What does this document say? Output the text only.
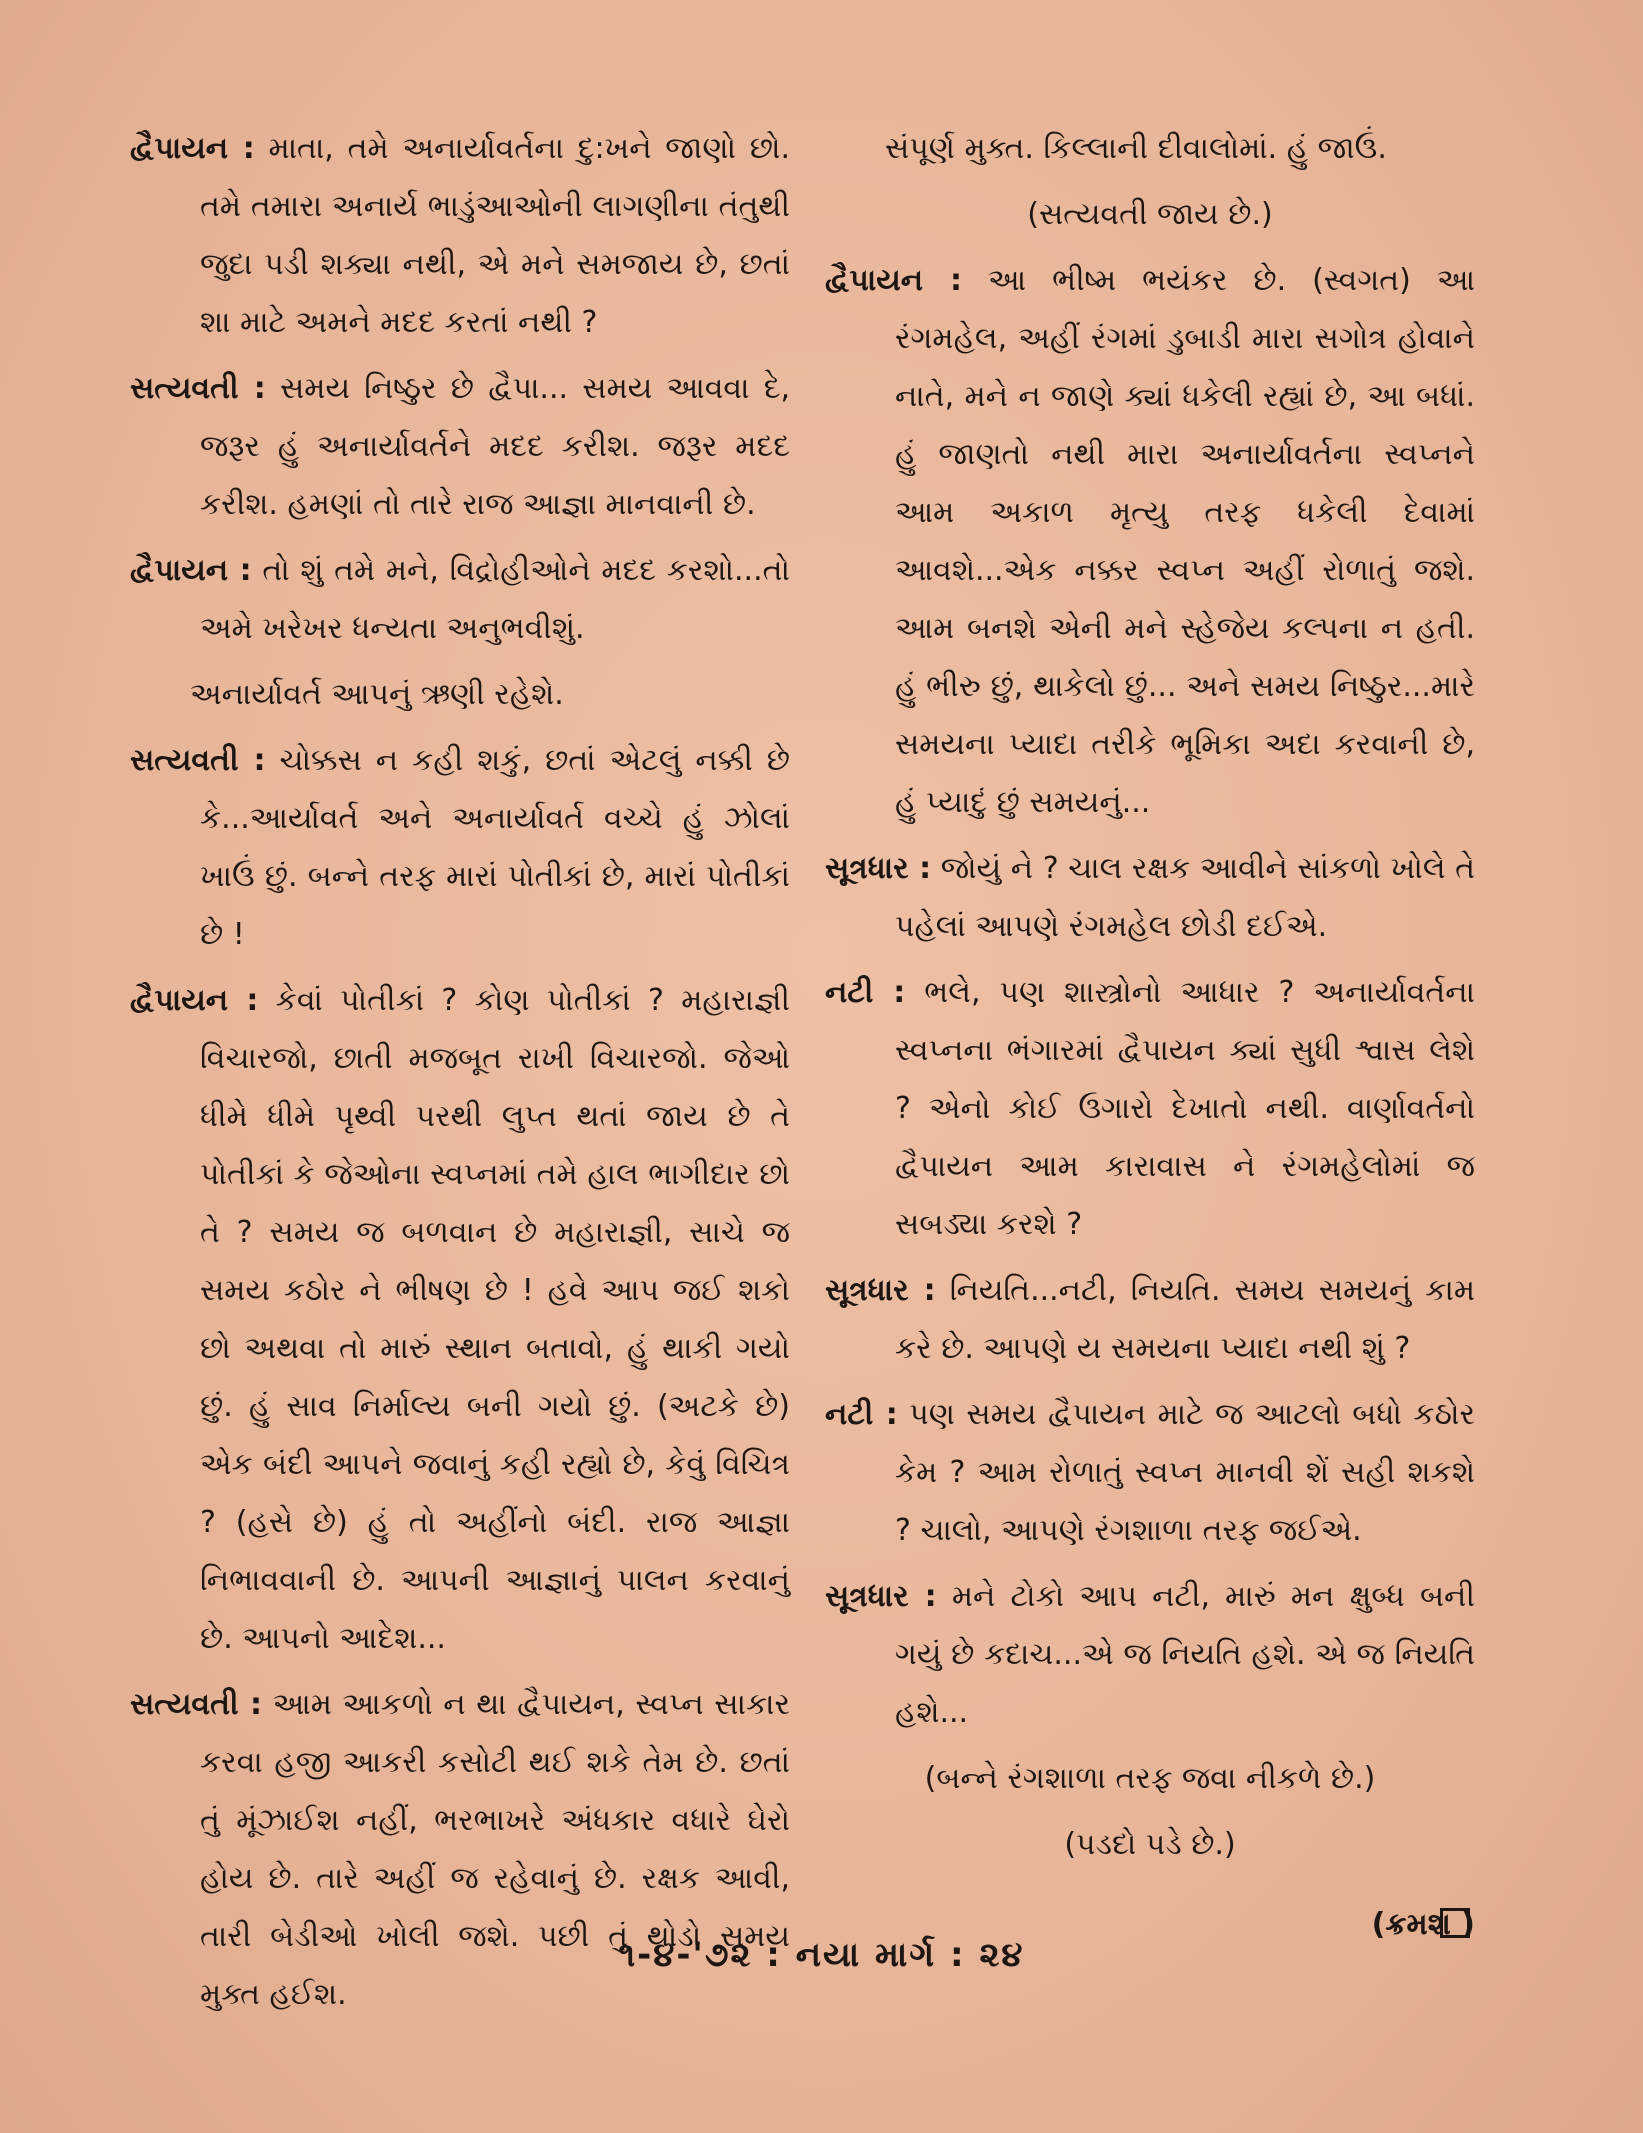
દ્વૈપાયન : માતા, તમે અનાર્યાવર્તના દુ:ખને જાણો છો. તમે તમારા અનાર્ય ભાડુંઆઓની લાગણીના તંતુથી જુદા પડી શક્યા નથી, એ મને સમજાય છે, છતાં શા માટે અમને મદદ કરતાં નથી ?

સત્યવતી : સમય નિષ્ઠુર છે દ્વૈપા... સમય આવવા દે, જરૂર હું અનાર્યાવર્તને મદદ કરીશ. જરૂર મદદ કરીશ. હમણાં તો તારે રાજ આજ્ઞા માનવાની છે.

દ્વૈપાયન : તો શું તમે મને, વિદ્રોહીઓને મદદ કરશો...તો અમે ખરેખર ધન્યતા અનુભવીશું.

અનાર્યાવર્ત આપનું ઋણી રહેશે.

સત્યવતી : ચોક્કસ ન કહી શકું, છતાં એટલું નક્કી છે કે...આર્યાવર્ત અને અનાર્યાવર્ત વચ્ચે હું ઝોલાં ખાઉં છું. બન્ને તરફ મારાં પોતીકાં છે, મારાં પોતીકાં છે !

દ્વૈપાયન : કેવાં પોતીકાં ? કોણ પોતીકાં ? મહારાજ્ઞી વિચારજો, છાતી મજબૂત રાખી વિચારજો. જેઓ ધીમે ધીમે પૃથ્વી પરથી લુપ્ત થતાં જાય છે તે પોતીકાં કે જેઓના સ્વપ્નમાં તમે હાલ ભાગીદાર છો તે ? સમય જ બળવાન છે મહારાજ્ઞી, સાચે જ સમય કઠોર ને ભીષણ છે ! હવે આપ જઈ શકો છો અથવા તો મારું સ્થાન બતાવો, હું થાકી ગયો છું. હું સાવ નિર્માલ્ય બની ગયો છું. (અટકે છે) એક બંદી આપને જવાનું કહી રહ્યો છે, કેવું વિચિત્ર ? (હસે છે) હું તો અહીંનો બંદી. રાજ આજ્ઞા નિભાવવાની છે. આપની આજ્ઞાનું પાલન કરવાનું છે. આપનો આદેશ...

સત્યવતી : આમ આકળો ન થા દ્વૈપાયન, સ્વપ્ન સાકાર કરવા હજી આકરી કસોટી થઈ શકે તેમ છે. છતાં તું મૂંઝાઈશ નહીં, ભરભાખરે અંધકાર વધારે ઘેરો હોય છે. તારે અહીં જ રહેવાનું છે. રક્ષક આવી, તારી બેડીઓ ખોલી જશે. પછી તું થોડો સમય મુક્ત હઈશ.

સંપૂર્ણ મુક્ત. કિલ્લાની દીવાલોમાં. હું જાઉં.

(સત્યવતી જાય છે.)

દ્વૈપાયન : આ ભીષ્મ ભયંકર છે. (સ્વગત) આ રંગમહેલ, અહીં રંગમાં ડુબાડી મારા સગોત્ર હોવાને નાતે, મને ન જાણે ક્યાં ધકેલી રહ્યાં છે, આ બધાં. હું જાણતો નથી મારા અનાર્યાવર્તના સ્વપ્નને આમ અકાળ મૃત્યુ તરફ ધકેલી દેવામાં આવશે...એક નક્કર સ્વપ્ન અહીં રોળાતું જશે. આમ બનશે એની મને સ્હેજેય કલ્પના ન હતી. હું ભીરુ છું, થાકેલો છું... અને સમય નિષ્ઠુર...મારે સમયના પ્યાદા તરીકે ભૂમિકા અદા કરવાની છે, હું પ્યાદું છું સમયનું...

સૂત્રધાર : જોયું ને ? ચાલ રક્ષક આવીને સાંકળો ખોલે તે પહેલાં આપણે રંગમહેલ છોડી દઈએ.

નટી : ભલે, પણ શાસ્ત્રોનો આધાર ? અનાર્યાવર્તના સ્વપ્નના ભંગારમાં દ્વૈપાયન ક્યાં સુધી શ્વાસ લેશે ? એનો કોઈ ઉગારો દેખાતો નથી. વાર્ણાવર્તનો દ્વૈપાયન આમ કારાવાસ ને રંગમહેલોમાં જ સબડ્યા કરશે ?

સૂત્રધાર : નિયતિ...નટી, નિયતિ. સમય સમયનું કામ કરે છે. આપણે ય સમયના પ્યાદા નથી શું ?

નટી : પણ સમય દ્વૈપાયન માટે જ આટલો બધો કઠોર કેમ ? આમ રોળાતું સ્વપ્ન માનવી શેં સહી શકશે ? ચાલો, આપણે રંગશાળા તરફ જઈએ.

સૂત્રધાર : મને ટોકો આપ નટી, મારું મન ક્ષુબ્ધ બની ગયું છે કદાચ...એ જ નિયતિ હશે. એ જ નિયતિ હશે...

(બન્ને રંગશાળા તરફ જવા નીકળે છે.)

(પડદો પડે છે.)

(ક્રમશ )

૧-૪-'૭૨ : નયા માર્ગ : ૨૪
